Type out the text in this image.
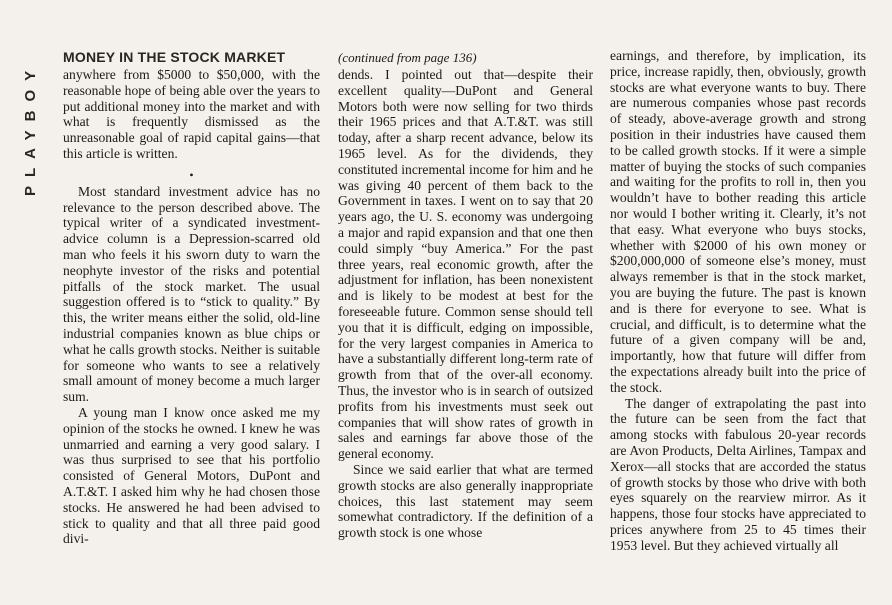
PLAYBOY
MONEY IN THE STOCK MARKET

anywhere from $5000 to $50,000, with the reasonable hope of being able over the years to put additional money into the market and with what is frequently dismissed as the unreasonable goal of rapid capital gains—that this article is written.

•

Most standard investment advice has no relevance to the person described above. The typical writer of a syndicated investment-advice column is a Depression-scarred old man who feels it his sworn duty to warn the neophyte investor of the risks and potential pitfalls of the stock market. The usual suggestion offered is to “stick to quality.” By this, the writer means either the solid, old-line industrial companies known as blue chips or what he calls growth stocks. Neither is suitable for someone who wants to see a relatively small amount of money become a much larger sum.

A young man I know once asked me my opinion of the stocks he owned. I knew he was unmarried and earning a very good salary. I was thus surprised to see that his portfolio consisted of General Motors, DuPont and A.T.&T. I asked him why he had chosen those stocks. He answered he had been advised to stick to quality and that all three paid good divi-

(continued from page 136)

dends. I pointed out that—despite their excellent quality—DuPont and General Motors both were now selling for two thirds their 1965 prices and that A.T.&T. was still today, after a sharp recent advance, below its 1965 level. As for the dividends, they constituted incremental income for him and he was giving 40 percent of them back to the Government in taxes. I went on to say that 20 years ago, the U. S. economy was undergoing a major and rapid expansion and that one then could simply “buy America.” For the past three years, real economic growth, after the adjustment for inflation, has been nonexistent and is likely to be modest at best for the foreseeable future. Common sense should tell you that it is difficult, edging on impossible, for the very largest companies in America to have a substantially different long-term rate of growth from that of the over-all economy. Thus, the investor who is in search of outsized profits from his investments must seek out companies that will show rates of growth in sales and earnings far above those of the general economy.

Since we said earlier that what are termed growth stocks are also generally inappropriate choices, this last statement may seem somewhat contradictory. If the definition of a growth stock is one whose

earnings, and therefore, by implication, its price, increase rapidly, then, obviously, growth stocks are what everyone wants to buy. There are numerous companies whose past records of steady, above-average growth and strong position in their industries have caused them to be called growth stocks. If it were a simple matter of buying the stocks of such companies and waiting for the profits to roll in, then you wouldn’t have to bother reading this article nor would I bother writing it. Clearly, it’s not that easy. What everyone who buys stocks, whether with $2000 of his own money or $200,000,000 of someone else’s money, must always remember is that in the stock market, you are buying the future. The past is known and is there for everyone to see. What is crucial, and difficult, is to determine what the future of a given company will be and, importantly, how that future will differ from the expectations already built into the price of the stock.

The danger of extrapolating the past into the future can be seen from the fact that among stocks with fabulous 20-year records are Avon Products, Delta Airlines, Tampax and Xerox—all stocks that are accorded the status of growth stocks by those who drive with both eyes squarely on the rearview mirror. As it happens, those four stocks have appreciated to prices anywhere from 25 to 45 times their 1953 level. But they achieved virtually all
